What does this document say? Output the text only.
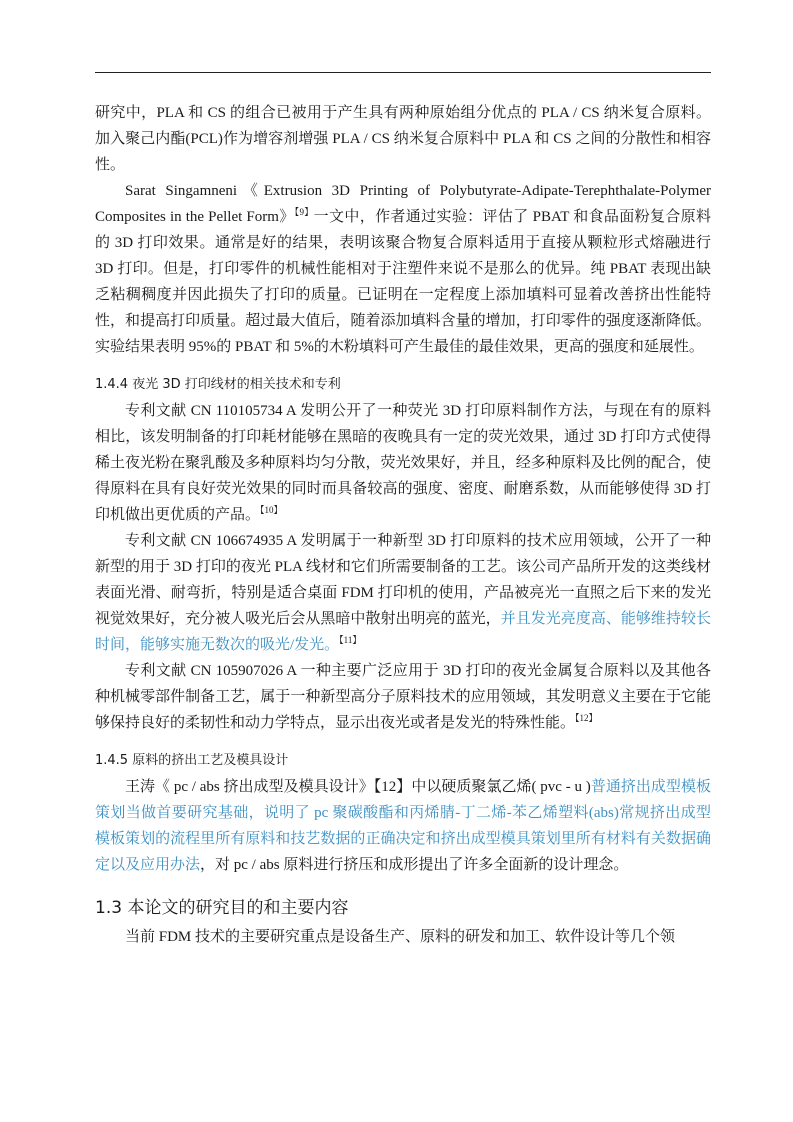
研究中，PLA 和 CS 的组合已被用于产生具有两种原始组分优点的 PLA / CS 纳米复合原料。加入聚己内酯(PCL)作为增容剂增强 PLA / CS 纳米复合原料中 PLA 和 CS 之间的分散性和相容性。

Sarat Singamneni《Extrusion 3D Printing of Polybutyrate-Adipate-Terephthalate-Polymer Composites in the Pellet Form》$^{【9】}$一文中，作者通过实验：评估了 PBAT 和食品面粉复合原料的 3D 打印效果。通常是好的结果，表明该聚合物复合原料适用于直接从颗粒形式熔融进行 3D 打印。但是，打印零件的机械性能相对于注塑件来说不是那么的优异。纯 PBAT 表现出缺乏粘稠稠度并因此损失了打印的质量。已证明在一定程度上添加填料可显着改善挤出性能特性，和提高打印质量。超过最大值后，随着添加填料含量的增加，打印零件的强度逐渐降低。实验结果表明 95%的 PBAT 和 5%的木粉填料可产生最佳的最佳效果，更高的强度和延展性。

1.4.4 夜光 3D 打印线材的相关技术和专利

专利文献 CN 110105734 A 发明公开了一种荧光 3D 打印原料制作方法，与现在有的原料相比，该发明制备的打印耗材能够在黑暗的夜晚具有一定的荧光效果，通过 3D 打印方式使得稀土夜光粉在聚乳酸及多种原料均匀分散，荧光效果好，并且，经多种原料及比例的配合，使得原料在具有良好荧光效果的同时而具备较高的强度、密度、耐磨系数，从而能够使得 3D 打印机做出更优质的产品。$^{【10】}$

专利文献 CN 106674935 A 发明属于一种新型 3D 打印原料的技术应用领域，公开了一种新型的用于 3D 打印的夜光 PLA 线材和它们所需要制备的工艺。该公司产品所开发的这类线材表面光滑、耐弯折，特别是适合桌面 FDM 打印机的使用，产品被亮光一直照之后下来的发光视觉效果好，充分被人吸光后会从黑暗中散射出明亮的蓝光，并且发光亮度高、能够维持较长时间，能够实施无数次的吸光/发光。$^{【11】}$

专利文献 CN 105907026 A 一种主要广泛应用于 3D 打印的夜光金属复合原料以及其他各种机械零部件制备工艺，属于一种新型高分子原料技术的应用领域，其发明意义主要在于它能够保持良好的柔韧性和动力学特点，显示出夜光或者是发光的特殊性能。$^{【12】}$

1.4.5 原料的挤出工艺及模具设计

王涛《 pc / abs 挤出成型及模具设计》【12】中以硬质聚氯乙烯( pvc - u )普通挤出成型模板策划当做首要研究基础，说明了 pc 聚碳酸酯和丙烯腈-丁二烯-苯乙烯塑料(abs)常规挤出成型模板策划的流程里所有原料和技艺数据的正确决定和挤出成型模具策划里所有材料有关数据确定以及应用办法，对 pc / abs 原料进行挤压和成形提出了许多全面新的设计理念。

1.3 本论文的研究目的和主要内容

当前 FDM 技术的主要研究重点是设备生产、原料的研发和加工、软件设计等几个领
